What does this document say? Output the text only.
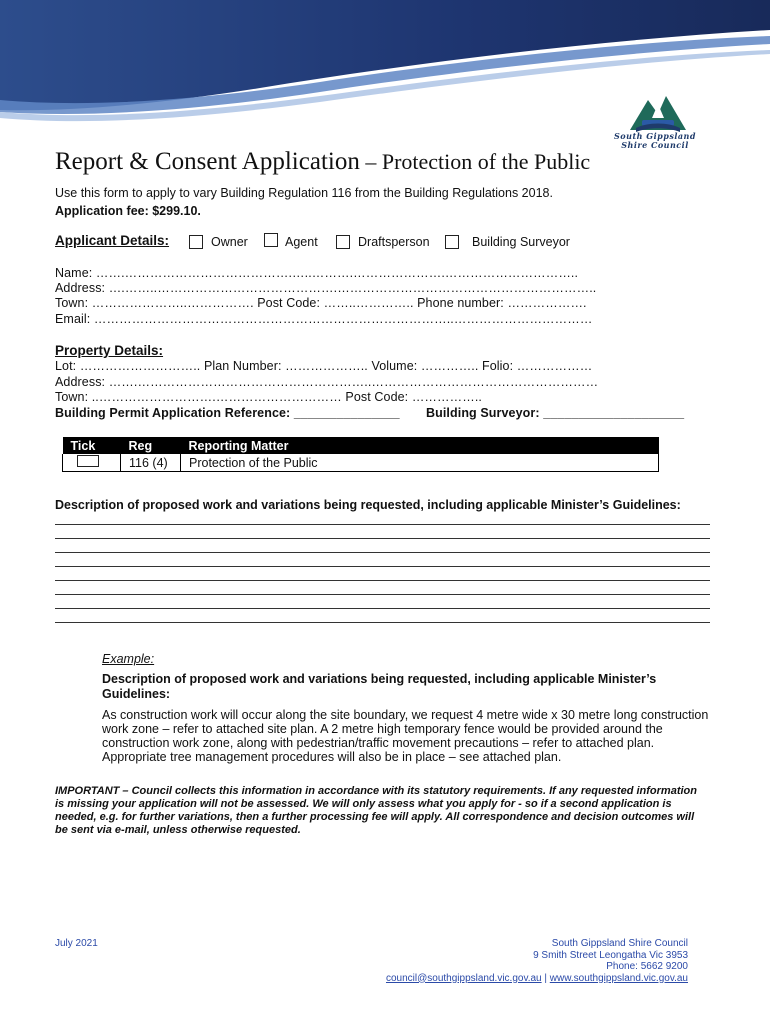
South Gippsland
Shire Council
Report & Consent Application – Protection of the Public
Use this form to apply to vary Building Regulation 116 from the Building Regulations 2018.
Application fee: $299.10.
Applicant Details:	Owner	Agent	Draftsperson	Building Surveyor
Name: …….………………………………….…..……….………………….…………………………..
Address: ….……..…………………………………….……………………………………………………..
Town: …………………..……………. Post Code: ……..………….. Phone number: ……………….
Email: …………………………………………………………………………..……………………………
Property Details:
Lot: ……………………….. Plan Number: ……………….. Volume: ………….. Folio: ………………
Address: …….………………………………………………..………………………………………………
Town: ..……………………….………………………… Post Code: ……………..
Building Permit Application Reference: _______________ Building Surveyor: ____________________
Tick	Reg	Reporting Matter
	116 (4)	Protection of the Public
Description of proposed work and variations being requested, including applicable Minister’s Guidelines:
Example:
Description of proposed work and variations being requested, including applicable Minister’s Guidelines:
As construction work will occur along the site boundary, we request 4 metre wide x 30 metre long construction work zone – refer to attached site plan. A 2 metre high temporary fence would be provided around the construction work zone, along with pedestrian/traffic movement precautions – refer to attached plan. Appropriate tree management procedures will also be in place – see attached plan.
IMPORTANT – Council collects this information in accordance with its statutory requirements. If any requested information is missing your application will not be assessed. We will only assess what you apply for - so if a second application is needed, e.g. for further variations, then a further processing fee will apply. All correspondence and decision outcomes will be sent via e-mail, unless otherwise requested.
July 2021	South Gippsland Shire Council
9 Smith Street Leongatha Vic 3953
Phone: 5662 9200
council@southgippsland.vic.gov.au | www.southgippsland.vic.gov.au
